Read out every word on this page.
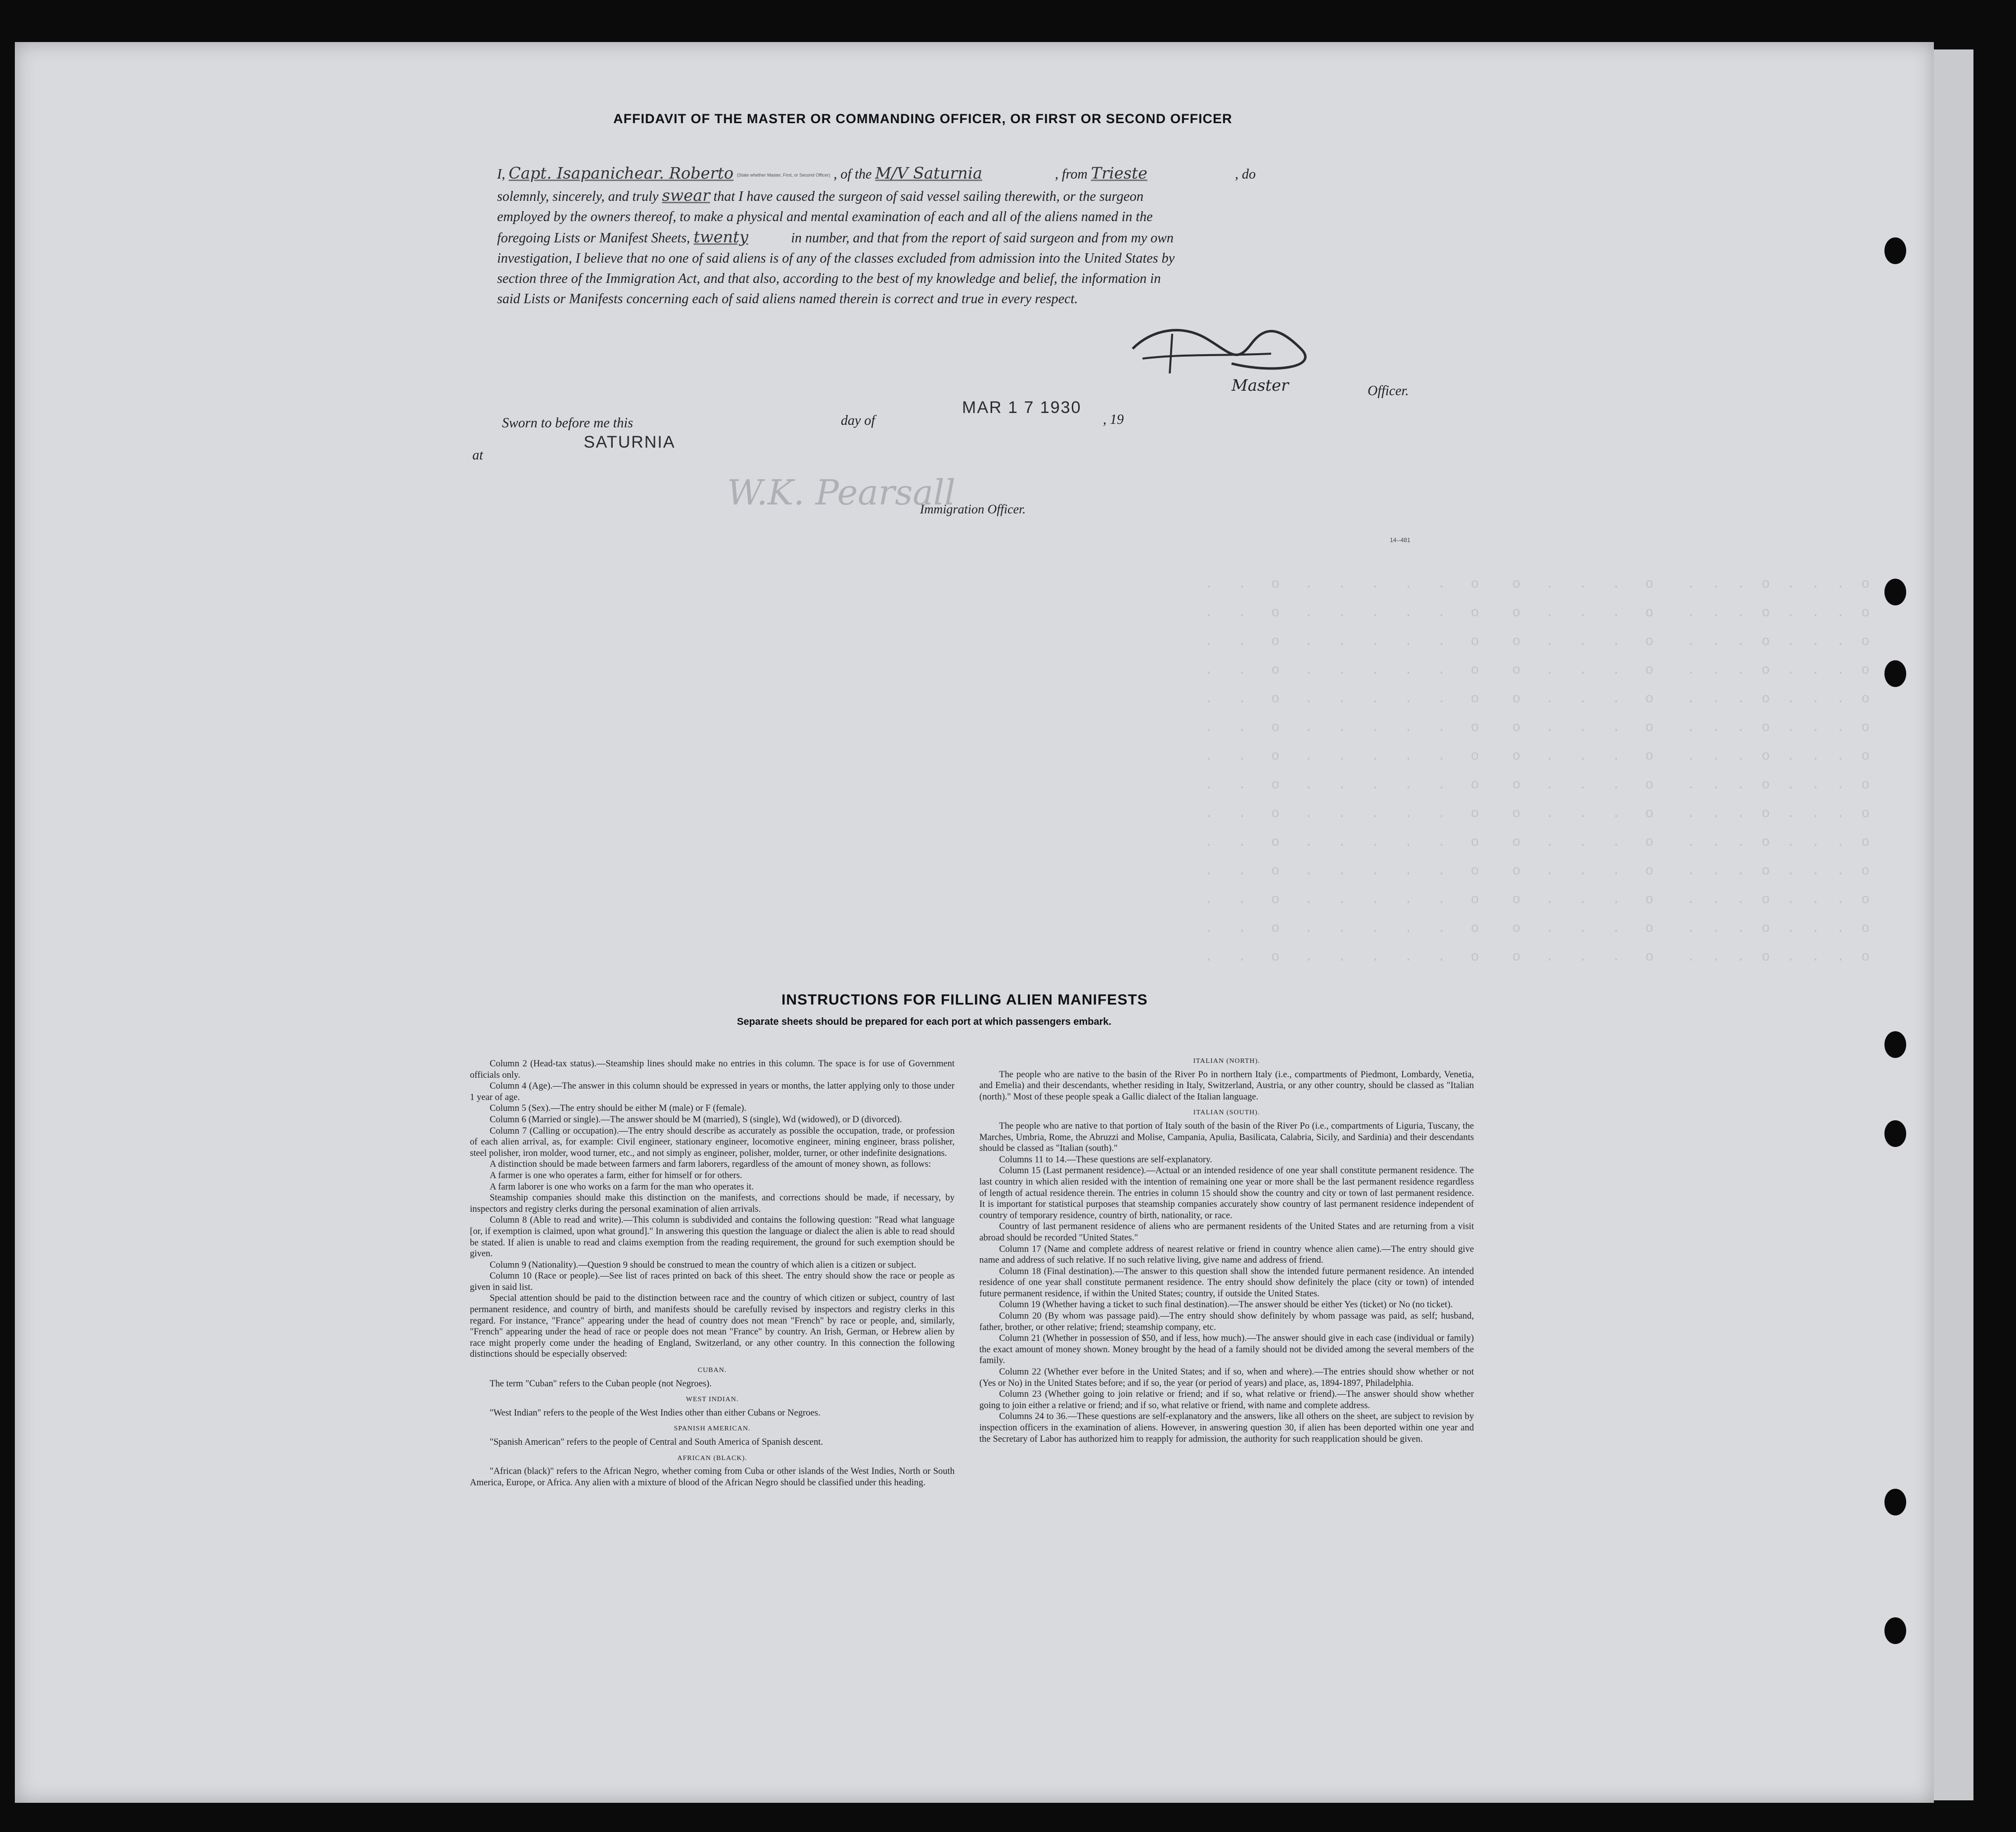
o  .  .  .  o  .  .  .    o   .   .   .   o    o   .   .   .   .   .   o   .   .
o  .  .  .  o  .  .  .    o   .   .   .   o    o   .   .   .   .   .   o   .   .
o  .  .  .  o  .  .  .    o   .   .   .   o    o   .   .   .   .   .   o   .   .
o  .  .  .  o  .  .  .    o   .   .   .   o    o   .   .   .   .   .   o   .   .
o  .  .  .  o  .  .  .    o   .   .   .   o    o   .   .   .   .   .   o   .   .
o  .  .  .  o  .  .  .    o   .   .   .   o    o   .   .   .   .   .   o   .   .
o  .  .  .  o  .  .  .    o   .   .   .   o    o   .   .   .   .   .   o   .   .
o  .  .  .  o  .  .  .    o   .   .   .   o    o   .   .   .   .   .   o   .   .
o  .  .  .  o  .  .  .    o   .   .   .   o    o   .   .   .   .   .   o   .   .
o  .  .  .  o  .  .  .    o   .   .   .   o    o   .   .   .   .   .   o   .   .
o  .  .  .  o  .  .  .    o   .   .   .   o    o   .   .   .   .   .   o   .   .
o  .  .  .  o  .  .  .    o   .   .   .   o    o   .   .   .   .   .   o   .   .
o  .  .  .  o  .  .  .    o   .   .   .   o    o   .   .   .   .   .   o   .   .
o  .  .  .  o  .  .  .    o   .   .   .   o    o   .   .   .   .   .   o   .   .

AFFIDAVIT OF THE MASTER OR COMMANDING OFFICER, OR FIRST OR SECOND OFFICER
I, Capt. Isapanichear. Roberto (State whether Master, First, or Second Officer) , of the M/V Saturnia	, from Trieste	, do
solemnly, sincerely, and truly swear that I have caused the surgeon of said vessel sailing therewith, or the surgeon
employed by the owners thereof, to make a physical and mental examination of each and all of the aliens named in the
foregoing Lists or Manifest Sheets, twenty	in number, and that from the report of said surgeon and from my own
investigation, I believe that no one of said aliens is of any of the classes excluded from admission into the United States by
section three of the Immigration Act, and that also, according to the best of my knowledge and belief, the information in
said Lists or Manifests concerning each of said aliens named therein is correct and true in every respect.
Master	Officer.
Sworn to before me this	day of
MAR 1 7 1930
, 19
at
SATURNIA
W.K. Pearsall
Immigration Officer.
14--481
INSTRUCTIONS FOR FILLING ALIEN MANIFESTS
Separate sheets should be prepared for each port at which passengers embark.

Column 2 (Head-tax status).—Steamship lines should make no entries in this column. The space is for use of Government officials only.

Column 4 (Age).—The answer in this column should be expressed in years or months, the latter applying only to those under 1 year of age.

Column 5 (Sex).—The entry should be either M (male) or F (female).

Column 6 (Married or single).—The answer should be M (married), S (single), Wd (widowed), or D (divorced).

Column 7 (Calling or occupation).—The entry should describe as accurately as possible the occupation, trade, or profession of each alien arrival, as, for example: Civil engineer, stationary engineer, locomotive engineer, mining engineer, brass polisher, steel polisher, iron molder, wood turner, etc., and not simply as engineer, polisher, molder, turner, or other indefinite designations.

A distinction should be made between farmers and farm laborers, regardless of the amount of money shown, as follows:

A farmer is one who operates a farm, either for himself or for others.

A farm laborer is one who works on a farm for the man who operates it.

Steamship companies should make this distinction on the manifests, and corrections should be made, if necessary, by inspectors and registry clerks during the personal examination of alien arrivals.

Column 8 (Able to read and write).—This column is subdivided and contains the following question: "Read what language [or, if exemption is claimed, upon what ground]." In answering this question the language or dialect the alien is able to read should be stated. If alien is unable to read and claims exemption from the reading requirement, the ground for such exemption should be given.

Column 9 (Nationality).—Question 9 should be construed to mean the country of which alien is a citizen or subject.

Column 10 (Race or people).—See list of races printed on back of this sheet. The entry should show the race or people as given in said list.

Special attention should be paid to the distinction between race and the country of which citizen or subject, country of last permanent residence, and country of birth, and manifests should be carefully revised by inspectors and registry clerks in this regard. For instance, "France" appearing under the head of country does not mean "French" by race or people, and, similarly, "French" appearing under the head of race or people does not mean "France" by country. An Irish, German, or Hebrew alien by race might properly come under the heading of England, Switzerland, or any other country. In this connection the following distinctions should be especially observed:

CUBAN.

The term "Cuban" refers to the Cuban people (not Negroes).

WEST INDIAN.

"West Indian" refers to the people of the West Indies other than either Cubans or Negroes.

SPANISH AMERICAN.

"Spanish American" refers to the people of Central and South America of Spanish descent.

AFRICAN (BLACK).

"African (black)" refers to the African Negro, whether coming from Cuba or other islands of the West Indies, North or South America, Europe, or Africa. Any alien with a mixture of blood of the African Negro should be classified under this heading.

ITALIAN (NORTH).

The people who are native to the basin of the River Po in northern Italy (i.e., compartments of Piedmont, Lombardy, Venetia, and Emelia) and their descendants, whether residing in Italy, Switzerland, Austria, or any other country, should be classed as "Italian (north)." Most of these people speak a Gallic dialect of the Italian language.

ITALIAN (SOUTH).

The people who are native to that portion of Italy south of the basin of the River Po (i.e., compartments of Liguria, Tuscany, the Marches, Umbria, Rome, the Abruzzi and Molise, Campania, Apulia, Basilicata, Calabria, Sicily, and Sardinia) and their descendants should be classed as "Italian (south)."

Columns 11 to 14.—These questions are self-explanatory.

Column 15 (Last permanent residence).—Actual or an intended residence of one year shall constitute permanent residence. The last country in which alien resided with the intention of remaining one year or more shall be the last permanent residence regardless of length of actual residence therein. The entries in column 15 should show the country and city or town of last permanent residence. It is important for statistical purposes that steamship companies accurately show country of last permanent residence independent of country of temporary residence, country of birth, nationality, or race.

Country of last permanent residence of aliens who are permanent residents of the United States and are returning from a visit abroad should be recorded "United States."

Column 17 (Name and complete address of nearest relative or friend in country whence alien came).—The entry should give name and address of such relative. If no such relative living, give name and address of friend.

Column 18 (Final destination).—The answer to this question shall show the intended future permanent residence. An intended residence of one year shall constitute permanent residence. The entry should show definitely the place (city or town) of intended future permanent residence, if within the United States; country, if outside the United States.

Column 19 (Whether having a ticket to such final destination).—The answer should be either Yes (ticket) or No (no ticket).

Column 20 (By whom was passage paid).—The entry should show definitely by whom passage was paid, as self; husband, father, brother, or other relative; friend; steamship company, etc.

Column 21 (Whether in possession of $50, and if less, how much).—The answer should give in each case (individual or family) the exact amount of money shown. Money brought by the head of a family should not be divided among the several members of the family.

Column 22 (Whether ever before in the United States; and if so, when and where).—The entries should show whether or not (Yes or No) in the United States before; and if so, the year (or period of years) and place, as, 1894-1897, Philadelphia.

Column 23 (Whether going to join relative or friend; and if so, what relative or friend).—The answer should show whether going to join either a relative or friend; and if so, what relative or friend, with name and complete address.

Columns 24 to 36.—These questions are self-explanatory and the answers, like all others on the sheet, are subject to revision by inspection officers in the examination of aliens. However, in answering question 30, if alien has been deported within one year and the Secretary of Labor has authorized him to reapply for admission, the authority for such reapplication should be given.
